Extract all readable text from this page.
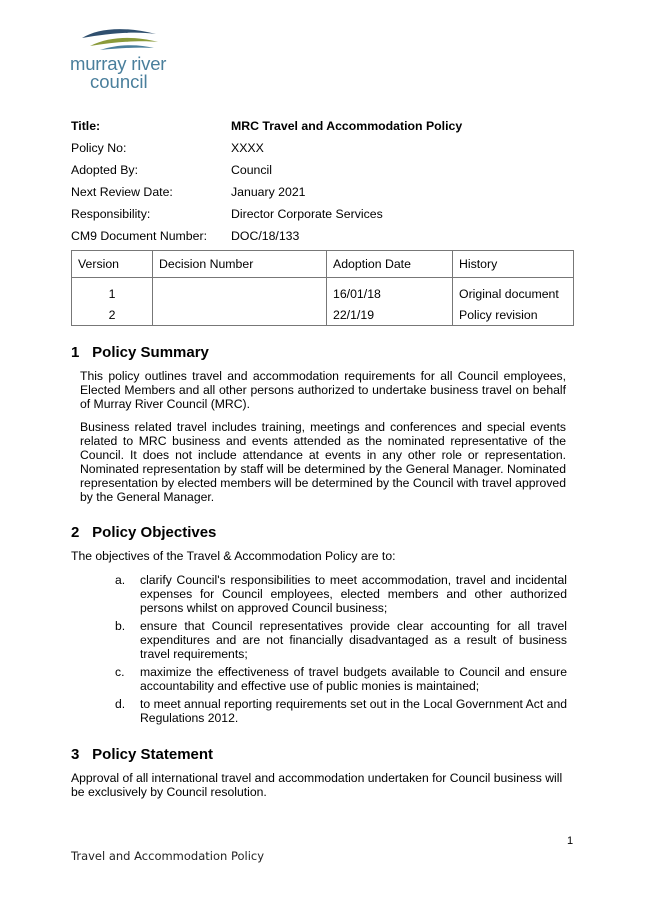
murray river
council
Title:	MRC Travel and Accommodation Policy
Policy No:	XXXX
Adopted By:	Council
Next Review Date:	January 2021
Responsibility:	Director Corporate Services
CM9 Document Number: DOC/18/133
Version	Decision Number	Adoption Date	History
1		16/01/18	Original document
2		22/1/19	Policy revision
1 Policy Summary

This policy outlines travel and accommodation requirements for all Council employees, Elected Members and all other persons authorized to undertake business travel on behalf of Murray River Council (MRC).

Business related travel includes training, meetings and conferences and special events related to MRC business and events attended as the nominated representative of the Council. It does not include attendance at events in any other role or representation. Nominated representation by staff will be determined by the General Manager. Nominated representation by elected members will be determined by the Council with travel approved by the General Manager.

2 Policy Objectives

The objectives of the Travel & Accommodation Policy are to:

a. clarify Council's responsibilities to meet accommodation, travel and incidental expenses for Council employees, elected members and other authorized persons whilst on approved Council business;
b. ensure that Council representatives provide clear accounting for all travel expenditures and are not financially disadvantaged as a result of business travel requirements;
c. maximize the effectiveness of travel budgets available to Council and ensure accountability and effective use of public monies is maintained;
d. to meet annual reporting requirements set out in the Local Government Act and Regulations 2012.
3 Policy Statement

Approval of all international travel and accommodation undertaken for Council business will be exclusively by Council resolution.

1
Travel and Accommodation Policy
